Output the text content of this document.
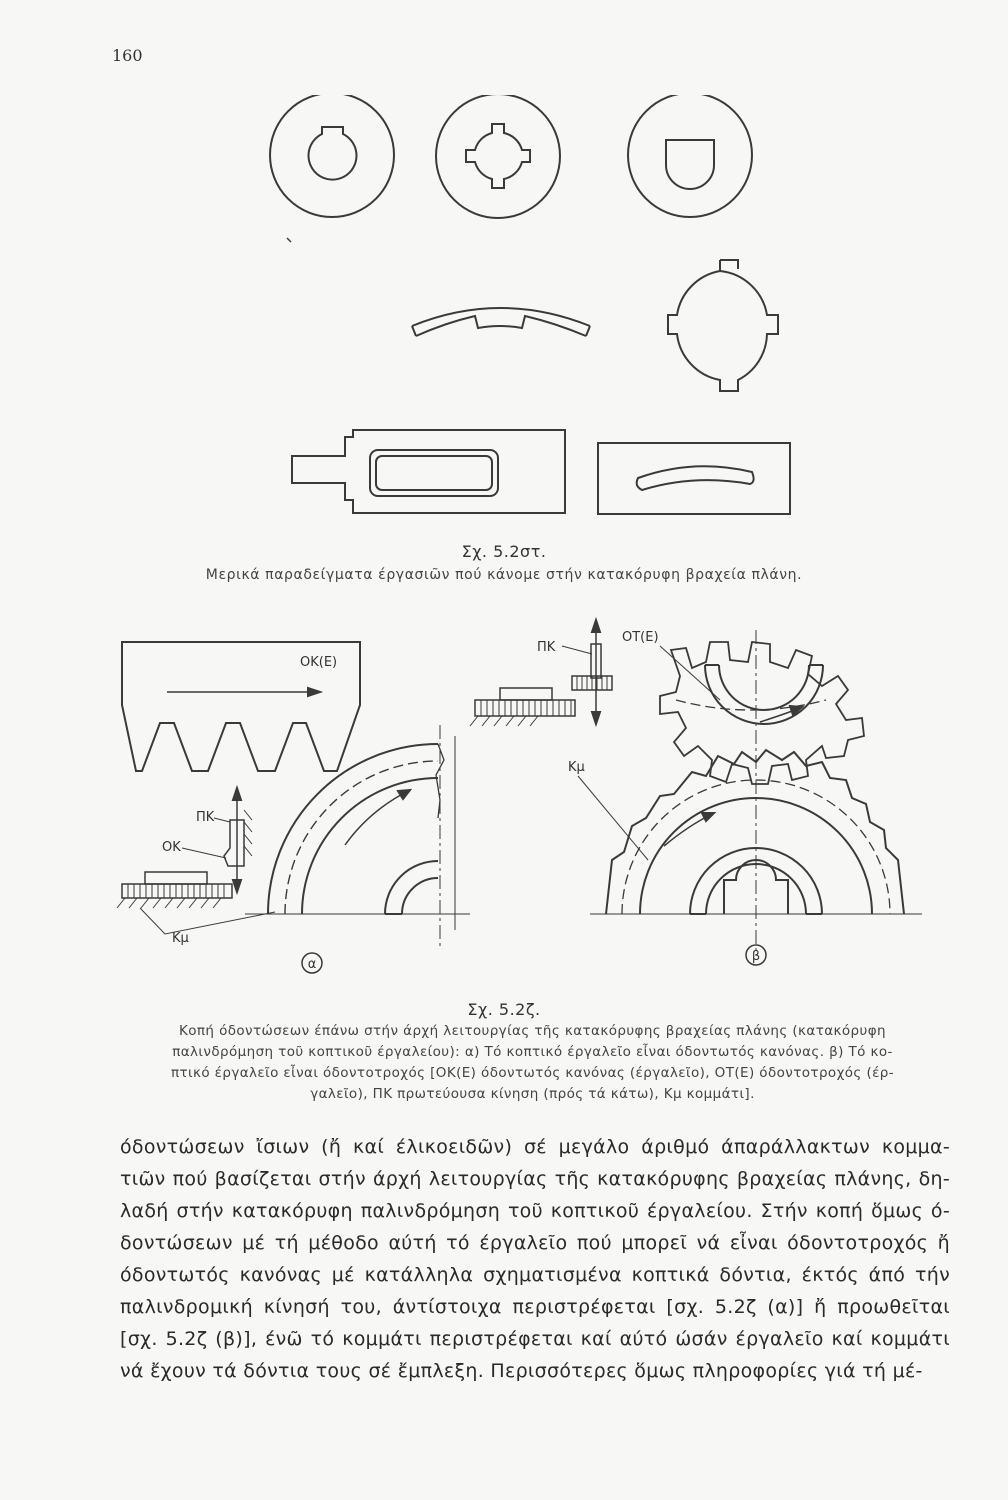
160
Σχ. 5.2στ.
Μερικά παραδείγματα έργασιῶν πού κάνομε στήν κατακόρυφη βραχεία πλάνη.
ΟΚ(Ε)
ΠΚ
ΟΚ
Κμ
α
ΠΚ
Κμ
ΟΤ(Ε)
β
Σχ. 5.2ζ.
Κοπή όδοντώσεων έπάνω στήν άρχή λειτουργίας τῆς κατακόρυφης βραχείας πλάνης (κατακόρυφη
παλινδρόμηση τοῦ κοπτικοῦ έργαλείου): α) Τό κοπτικό έργαλεῖο εἶναι όδοντωτός κανόνας. β) Τό κο-
πτικό έργαλεῖο εἶναι όδοντοτροχός [ΟΚ(Ε) όδοντωτός κανόνας (έργαλεῖο), ΟΤ(Ε) όδοντοτροχός (έρ-
γαλεῖο), ΠΚ πρωτεύουσα κίνηση (πρός τά κάτω), Κμ κομμάτι].
όδοντώσεων ἴσιων (ἤ καί έλικοειδῶν) σέ μεγάλο άριθμό άπαράλλακτων κομμα-
τιῶν πού βασίζεται στήν άρχή λειτουργίας τῆς κατακόρυφης βραχείας πλάνης, δη-
λαδή στήν κατακόρυφη παλινδρόμηση τοῦ κοπτικοῦ έργαλείου. Στήν κοπή ὅμως ό-
δοντώσεων μέ τή μέθοδο αύτή τό έργαλεῖο πού μπορεῖ νά εἶναι όδοντοτροχός ἤ
όδοντωτός κανόνας μέ κατάλληλα σχηματισμένα κοπτικά δόντια, έκτός άπό τήν
παλινδρομική κίνησή του, άντίστοιχα περιστρέφεται [σχ. 5.2ζ (α)] ἤ προωθεῖται
[σχ. 5.2ζ (β)], ένῶ τό κομμάτι περιστρέφεται καί αύτό ώσάν έργαλεῖο καί κομμάτι
νά ἔχουν τά δόντια τους σέ ἔμπλεξη. Περισσότερες ὅμως πληροφορίες γιά τή μέ-
